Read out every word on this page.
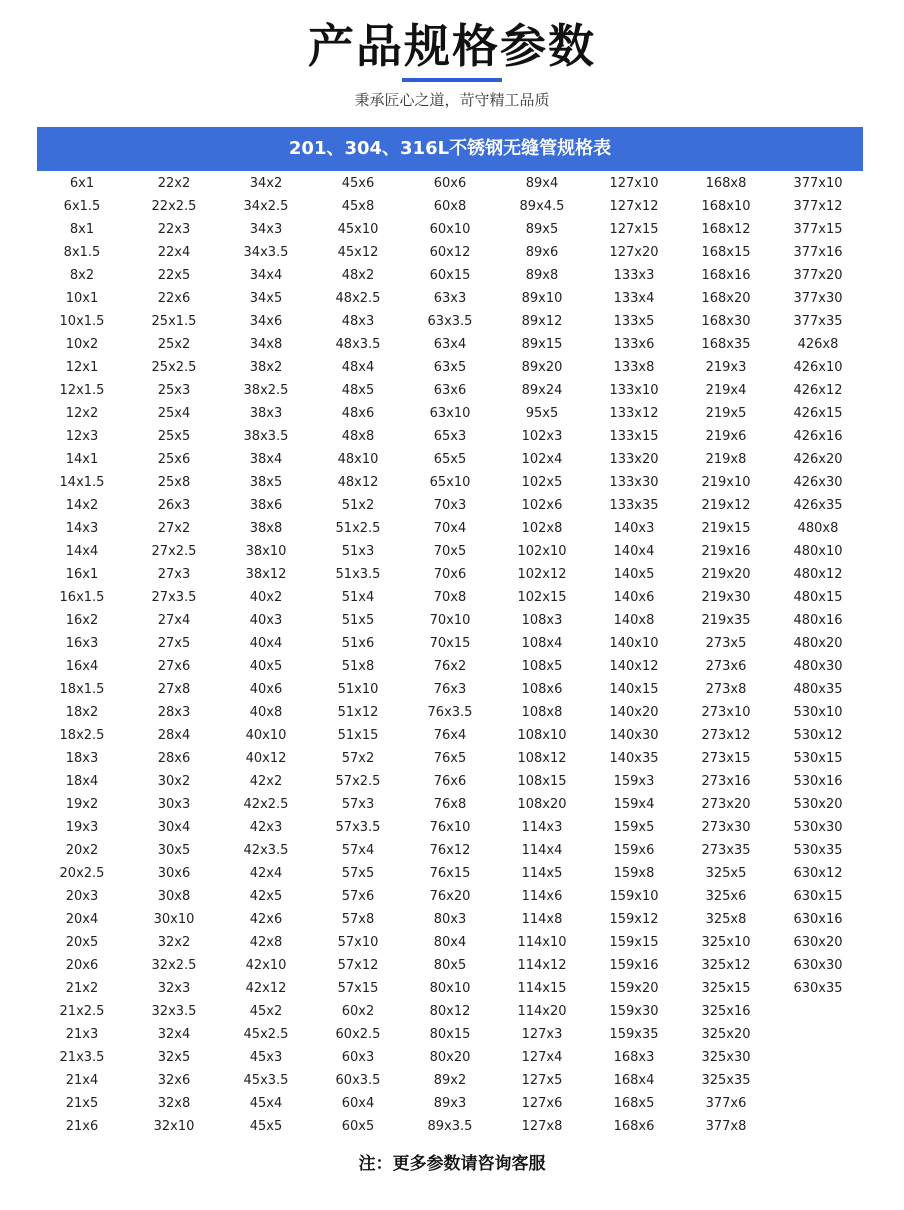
产品规格参数
秉承匠心之道，苛守精工品质
201、304、316L不锈钢无缝管规格表
6x1
6x1.5
8x1
8x1.5
8x2
10x1
10x1.5
10x2
12x1
12x1.5
12x2
12x3
14x1
14x1.5
14x2
14x3
14x4
16x1
16x1.5
16x2
16x3
16x4
18x1.5
18x2
18x2.5
18x3
18x4
19x2
19x3
20x2
20x2.5
20x3
20x4
20x5
20x6
21x2
21x2.5
21x3
21x3.5
21x4
21x5
21x6
22x2
22x2.5
22x3
22x4
22x5
22x6
25x1.5
25x2
25x2.5
25x3
25x4
25x5
25x6
25x8
26x3
27x2
27x2.5
27x3
27x3.5
27x4
27x5
27x6
27x8
28x3
28x4
28x6
30x2
30x3
30x4
30x5
30x6
30x8
30x10
32x2
32x2.5
32x3
32x3.5
32x4
32x5
32x6
32x8
32x10
34x2
34x2.5
34x3
34x3.5
34x4
34x5
34x6
34x8
38x2
38x2.5
38x3
38x3.5
38x4
38x5
38x6
38x8
38x10
38x12
40x2
40x3
40x4
40x5
40x6
40x8
40x10
40x12
42x2
42x2.5
42x3
42x3.5
42x4
42x5
42x6
42x8
42x10
42x12
45x2
45x2.5
45x3
45x3.5
45x4
45x5
45x6
45x8
45x10
45x12
48x2
48x2.5
48x3
48x3.5
48x4
48x5
48x6
48x8
48x10
48x12
51x2
51x2.5
51x3
51x3.5
51x4
51x5
51x6
51x8
51x10
51x12
51x15
57x2
57x2.5
57x3
57x3.5
57x4
57x5
57x6
57x8
57x10
57x12
57x15
60x2
60x2.5
60x3
60x3.5
60x4
60x5
60x6
60x8
60x10
60x12
60x15
63x3
63x3.5
63x4
63x5
63x6
63x10
65x3
65x5
65x10
70x3
70x4
70x5
70x6
70x8
70x10
70x15
76x2
76x3
76x3.5
76x4
76x5
76x6
76x8
76x10
76x12
76x15
76x20
80x3
80x4
80x5
80x10
80x12
80x15
80x20
89x2
89x3
89x3.5
89x4
89x4.5
89x5
89x6
89x8
89x10
89x12
89x15
89x20
89x24
95x5
102x3
102x4
102x5
102x6
102x8
102x10
102x12
102x15
108x3
108x4
108x5
108x6
108x8
108x10
108x12
108x15
108x20
114x3
114x4
114x5
114x6
114x8
114x10
114x12
114x15
114x20
127x3
127x4
127x5
127x6
127x8
127x10
127x12
127x15
127x20
133x3
133x4
133x5
133x6
133x8
133x10
133x12
133x15
133x20
133x30
133x35
140x3
140x4
140x5
140x6
140x8
140x10
140x12
140x15
140x20
140x30
140x35
159x3
159x4
159x5
159x6
159x8
159x10
159x12
159x15
159x16
159x20
159x30
159x35
168x3
168x4
168x5
168x6
168x8
168x10
168x12
168x15
168x16
168x20
168x30
168x35
219x3
219x4
219x5
219x6
219x8
219x10
219x12
219x15
219x16
219x20
219x30
219x35
273x5
273x6
273x8
273x10
273x12
273x15
273x16
273x20
273x30
273x35
325x5
325x6
325x8
325x10
325x12
325x15
325x16
325x20
325x30
325x35
377x6
377x8
377x10
377x12
377x15
377x16
377x20
377x30
377x35
426x8
426x10
426x12
426x15
426x16
426x20
426x30
426x35
480x8
480x10
480x12
480x15
480x16
480x20
480x30
480x35
530x10
530x12
530x15
530x16
530x20
530x30
530x35
630x12
630x15
630x16
630x20
630x30
630x35
注：更多参数请咨询客服
